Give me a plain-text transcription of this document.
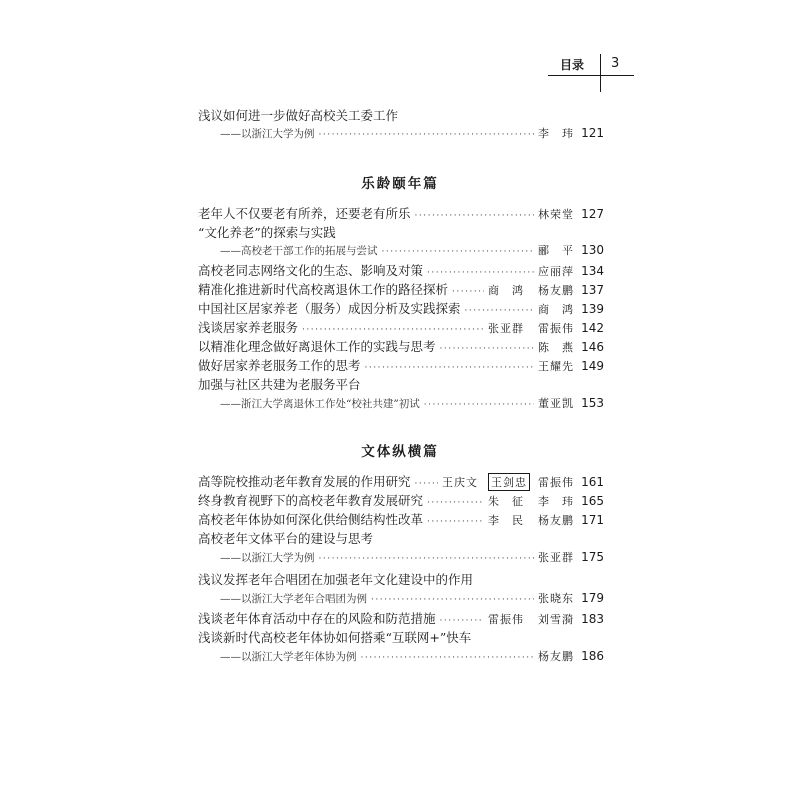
目录 3
浅议如何进一步做好高校关工委工作
——以浙江大学为例 ·····	李　玮 121
乐龄颐年篇
老年人不仅要老有所养，还要老有所乐 ·····	林荣堂 127
“文化养老”的探索与实践
——高校老干部工作的拓展与尝试 ·····	郦　平 130
高校老同志网络文化的生态、影响及对策 ·····	应丽萍 134
精准化推进新时代高校离退休工作的路径探析 ·····	商　鸿 杨友鹏 137
中国社区居家养老（服务）成因分析及实践探索 ·····	商　鸿 139
浅谈居家养老服务 ·····	张亚群 雷振伟 142
以精准化理念做好离退休工作的实践与思考 ·····	陈　燕 146
做好居家养老服务工作的思考 ·····	王耀先 149
加强与社区共建为老服务平台
——浙江大学离退休工作处“校社共建”初试 ·····	董亚凯 153
文体纵横篇
高等院校推动老年教育发展的作用研究 ·····	王庆文 王剑忠 雷振伟 161
终身教育视野下的高校老年教育发展研究 ·····	朱　征 李　玮 165
高校老年体协如何深化供给侧结构性改革 ·····	李　民 杨友鹏 171
高校老年文体平台的建设与思考
——以浙江大学为例 ·····	张亚群 175
浅议发挥老年合唱团在加强老年文化建设中的作用
——以浙江大学老年合唱团为例 ·····	张晓东 179
浅谈老年体育活动中存在的风险和防范措施 ·····	雷振伟 刘雪漪 183
浅谈新时代高校老年体协如何搭乘“互联网+”快车
——以浙江大学老年体协为例 ·····	杨友鹏 186
